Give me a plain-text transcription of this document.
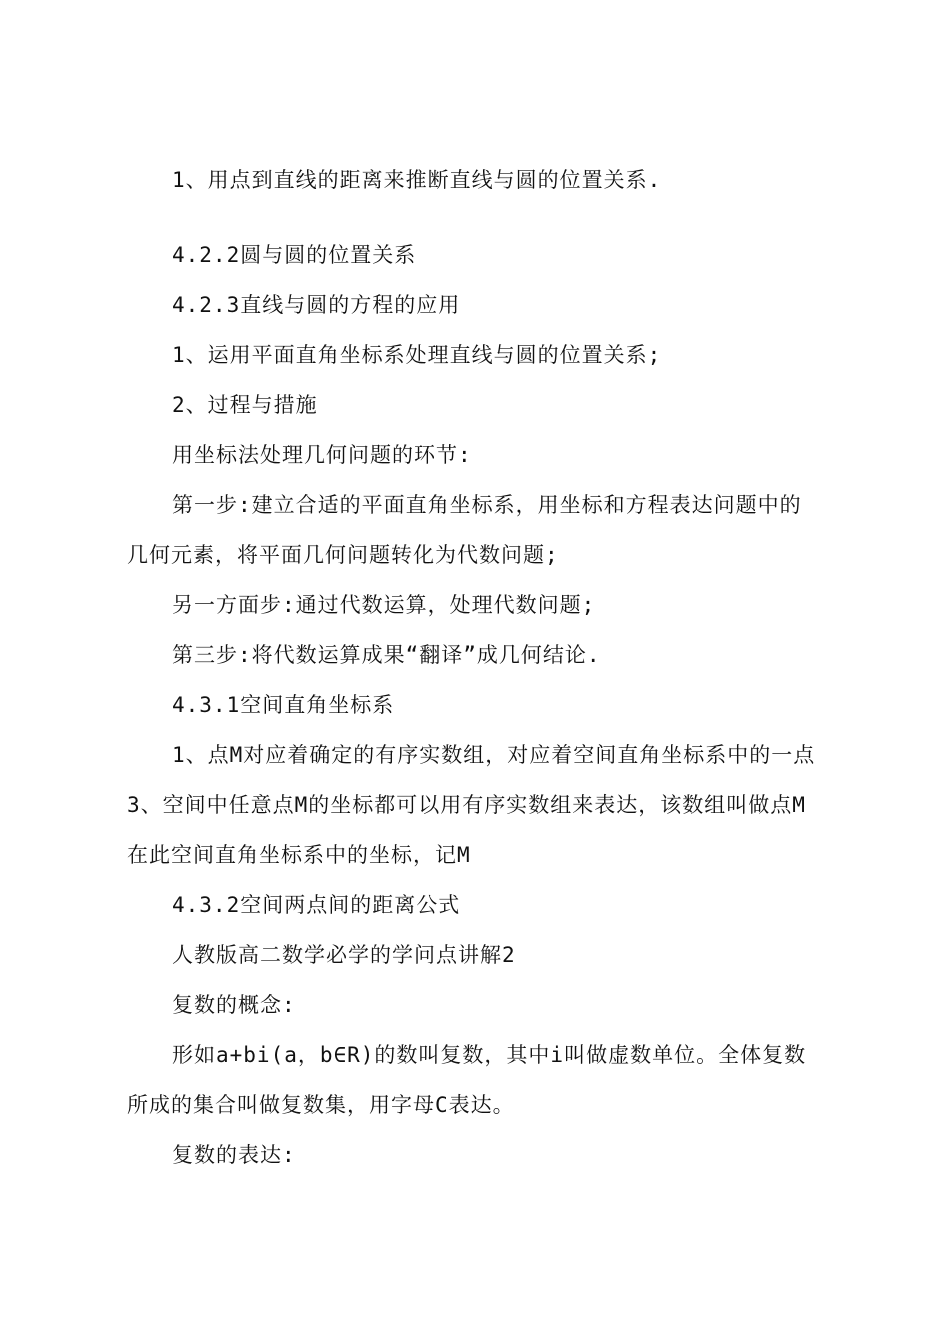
1、用点到直线的距离来推断直线与圆的位置关系.
4.2.2圆与圆的位置关系
4.2.3直线与圆的方程的应用
1、运用平面直角坐标系处理直线与圆的位置关系;
2、过程与措施
用坐标法处理几何问题的环节:
第一步:建立合适的平面直角坐标系，用坐标和方程表达问题中的
几何元素，将平面几何问题转化为代数问题;
另一方面步:通过代数运算，处理代数问题;
第三步:将代数运算成果“翻译”成几何结论.
4.3.1空间直角坐标系
1、点M对应着确定的有序实数组，对应着空间直角坐标系中的一点
3、空间中任意点M的坐标都可以用有序实数组来表达，该数组叫做点M
在此空间直角坐标系中的坐标，记M
4.3.2空间两点间的距离公式
人教版高二数学必学的学问点讲解2
复数的概念:
形如a+bi(a，b∈R)的数叫复数，其中i叫做虚数单位。全体复数
所成的集合叫做复数集，用字母C表达。
复数的表达:
